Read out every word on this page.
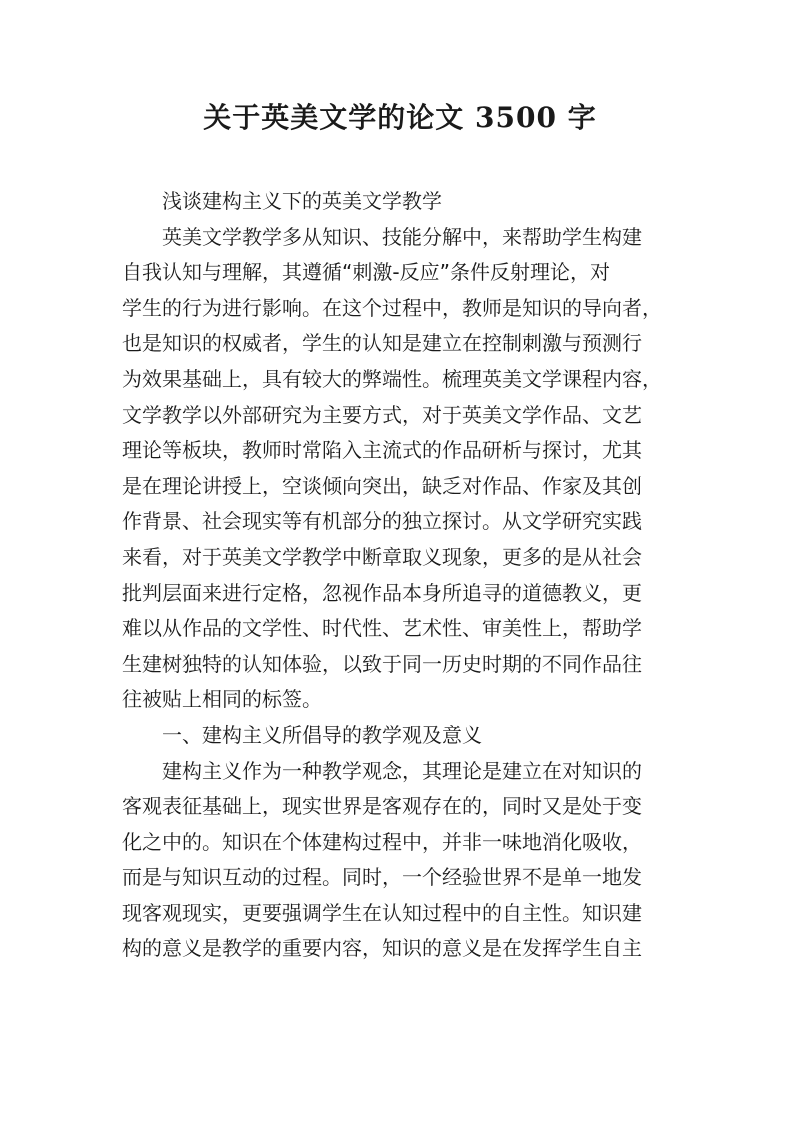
关于英美文学的论文 3500 字
浅谈建构主义下的英美文学教学
英美文学教学多从知识、技能分解中，来帮助学生构建
自我认知与理解，其遵循“刺激-反应”条件反射理论，对
学生的行为进行影响。在这个过程中，教师是知识的导向者，
也是知识的权威者，学生的认知是建立在控制刺激与预测行
为效果基础上，具有较大的弊端性。梳理英美文学课程内容，
文学教学以外部研究为主要方式，对于英美文学作品、文艺
理论等板块，教师时常陷入主流式的作品研析与探讨，尤其
是在理论讲授上，空谈倾向突出，缺乏对作品、作家及其创
作背景、社会现实等有机部分的独立探讨。从文学研究实践
来看，对于英美文学教学中断章取义现象，更多的是从社会
批判层面来进行定格，忽视作品本身所追寻的道德教义，更
难以从作品的文学性、时代性、艺术性、审美性上，帮助学
生建树独特的认知体验，以致于同一历史时期的不同作品往
往被贴上相同的标签。
一、建构主义所倡导的教学观及意义
建构主义作为一种教学观念，其理论是建立在对知识的
客观表征基础上，现实世界是客观存在的，同时又是处于变
化之中的。知识在个体建构过程中，并非一味地消化吸收，
而是与知识互动的过程。同时，一个经验世界不是单一地发
现客观现实，更要强调学生在认知过程中的自主性。知识建
构的意义是教学的重要内容，知识的意义是在发挥学生自主
